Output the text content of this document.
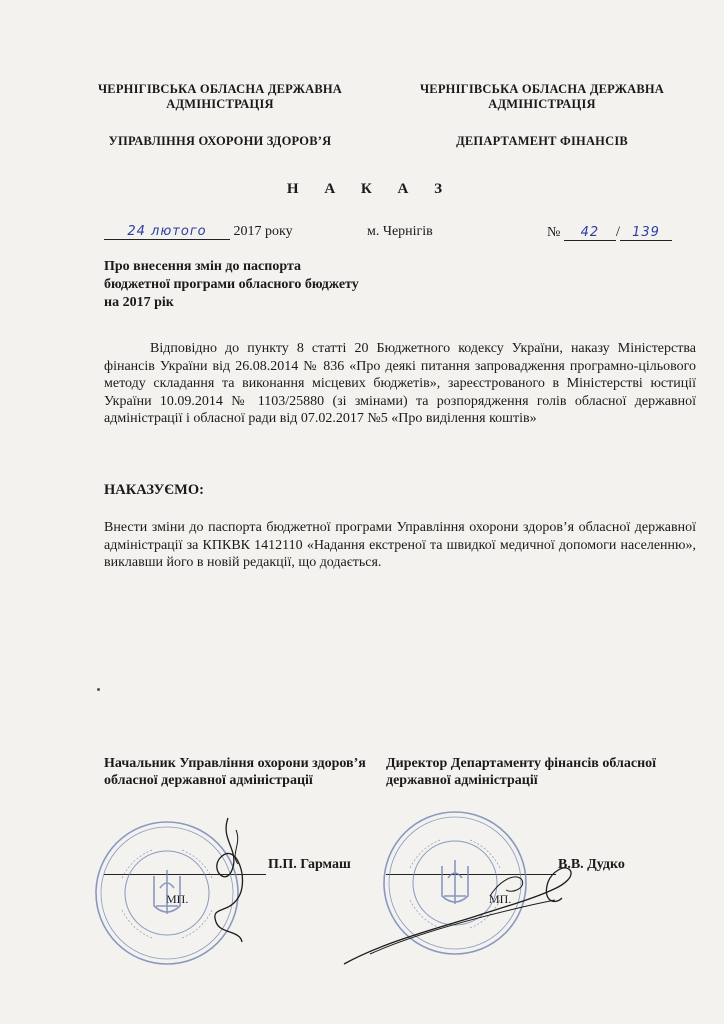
ЧЕРНІГІВСЬКА ОБЛАСНА ДЕРЖАВНА АДМІНІСТРАЦІЯ
УПРАВЛІННЯ ОХОРОНИ ЗДОРОВ’Я
ЧЕРНІГІВСЬКА ОБЛАСНА ДЕРЖАВНА АДМІНІСТРАЦІЯ
ДЕПАРТАМЕНТ ФІНАНСІВ
Н А К А З
24 лютого 2017 року	м. Чернігів	№ 42 / 139
Про внесення змін до паспорта бюджетної програми обласного бюджету на 2017 рік
Відповідно до пункту 8 статті 20 Бюджетного кодексу України, наказу Міністерства фінансів України від 26.08.2014 № 836 «Про деякі питання запровадження програмно-цільового методу складання та виконання місцевих бюджетів», зареєстрованого в Міністерстві юстиції України 10.09.2014 № 1103/25880 (зі змінами) та розпорядження голів обласної державної адміністрації і обласної ради від 07.02.2017 №5 «Про виділення коштів»
НАКАЗУЄМО:
Внести зміни до паспорта бюджетної програми Управління охорони здоров’я обласної державної адміністрації за КПКВК 1412110 «Надання екстреної та швидкої медичної допомоги населенню», виклавши його в новій редакції, що додається.
Начальник Управління охорони здоров’я обласної державної адміністрації
Директор Департаменту фінансів обласної державної адміністрації
П.П. Гармаш	В.В. Дудко
МП.	МП.
